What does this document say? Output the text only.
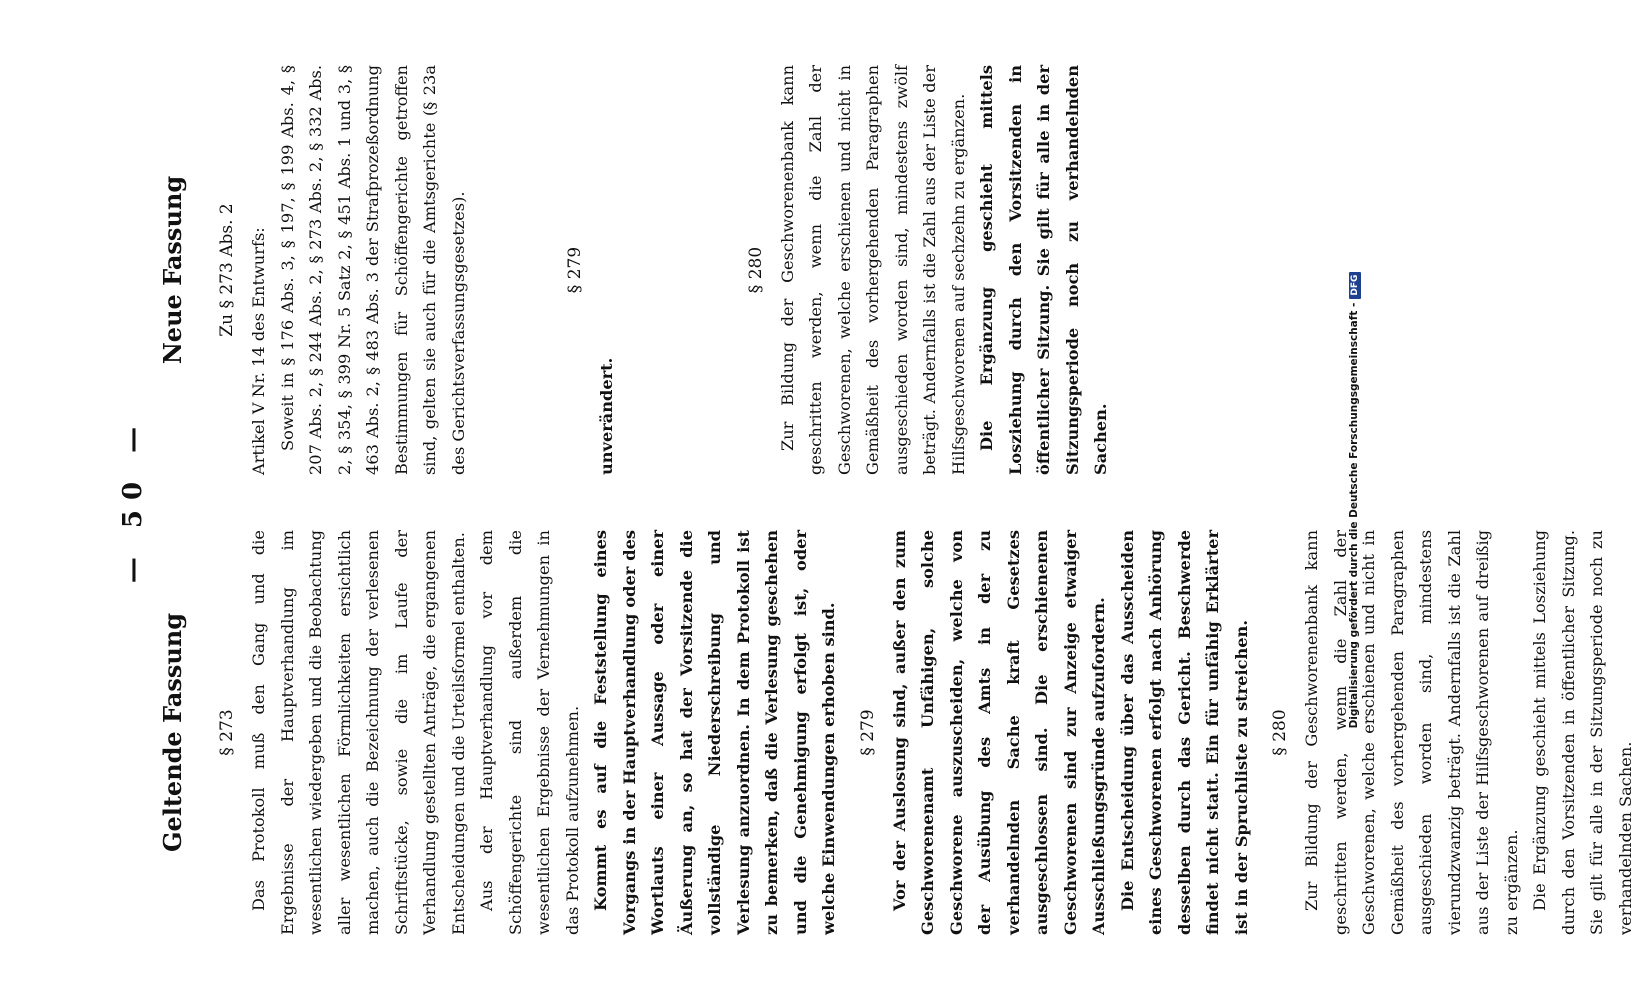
— 50 —
Geltende Fassung § 273 Das Protokoll muß den Gang und die Ergebnisse der Hauptverhandlung im wesentlichen wiedergeben und die Beobachtung aller wesentlichen Förmlichkeiten ersichtlich machen, auch die Bezeichnung der verlesenen Schriftstücke, sowie die im Laufe der Verhandlung gestellten Anträge, die ergangenen Entscheidungen und die Urteilsformel enthalten. Aus der Hauptverhandlung vor dem Schöffengerichte sind außerdem die wesentlichen Ergebnisse der Vernehmungen in das Protokoll aufzunehmen. Kommt es auf die Feststellung eines Vorgangs in der Hauptverhandlung oder des Wortlauts einer Aussage oder einer Äußerung an, so hat der Vorsitzende die vollständige Niederschreibung und Verlesung anzuordnen. In dem Protokoll ist zu bemerken, daß die Verlesung geschehen und die Genehmigung erfolgt ist, oder welche Einwendungen erhoben sind.	§ 279 Vor der Auslosung sind, außer den zum Geschworenenamt Unfähigen, solche Geschworene auszuscheiden, welche von der Ausübung des Amts in der zu verhandelnden Sache kraft Gesetzes ausgeschlossen sind. Die erschienenen Geschworenen sind zur Anzeige etwaiger Ausschließungsgründe aufzufordern. Die Entscheidung über das Ausscheiden eines Geschworenen erfolgt nach Anhörung desselben durch das Gericht. Beschwerde findet nicht statt. Ein für unfähig Erklärter ist in der Spruchliste zu streichen.	§ 280 Zur Bildung der Geschworenenbank kann geschritten werden, wenn die Zahl der Geschworenen, welche erschienen und nicht in Gemäßheit des vorhergehenden Paragraphen ausgeschieden worden sind, mindestens vierundzwanzig beträgt. Andernfalls ist die Zahl aus der Liste der Hilfsgeschworenen auf dreißig zu ergänzen. Die Ergänzung geschieht mittels Losziehung durch den Vorsitzenden in öffentlicher Sitzung. Sie gilt für alle in der Sitzungsperiode noch zu verhandelnden Sachen.

Neue Fassung Zu § 273 Abs. 2 Artikel V Nr. 14 des Entwurfs: Soweit in § 176 Abs. 3, § 197, § 199 Abs. 4, § 207 Abs. 2, § 244 Abs. 2, § 273 Abs. 2, § 332 Abs. 2, § 354, § 399 Nr. 5 Satz 2, § 451 Abs. 1 und 3, § 463 Abs. 2, § 483 Abs. 3 der Strafprozeßordnung Bestimmungen für Schöffengerichte getroffen sind, gelten sie auch für die Amtsgerichte (§ 23a des Gerichtsverfassungsgesetzes).	§ 279

unverändert.

§ 280 Zur Bildung der Geschworenenbank kann geschritten werden, wenn die Zahl der Geschworenen, welche erschienen und nicht in Gemäßheit des vorhergehenden Paragraphen ausgeschieden worden sind, mindestens zwölf beträgt. Andernfalls ist die Zahl aus der Liste der Hilfsgeschworenen auf sechzehn zu ergänzen. Die Ergänzung geschieht mittels Losziehung durch den Vorsitzenden in öffentlicher Sitzung. Sie gilt für alle in der Sitzungsperiode noch zu verhandelnden Sachen.	Digitalisierung gefördert durch die Deutsche Forschungsgemeinschaft -DFG
